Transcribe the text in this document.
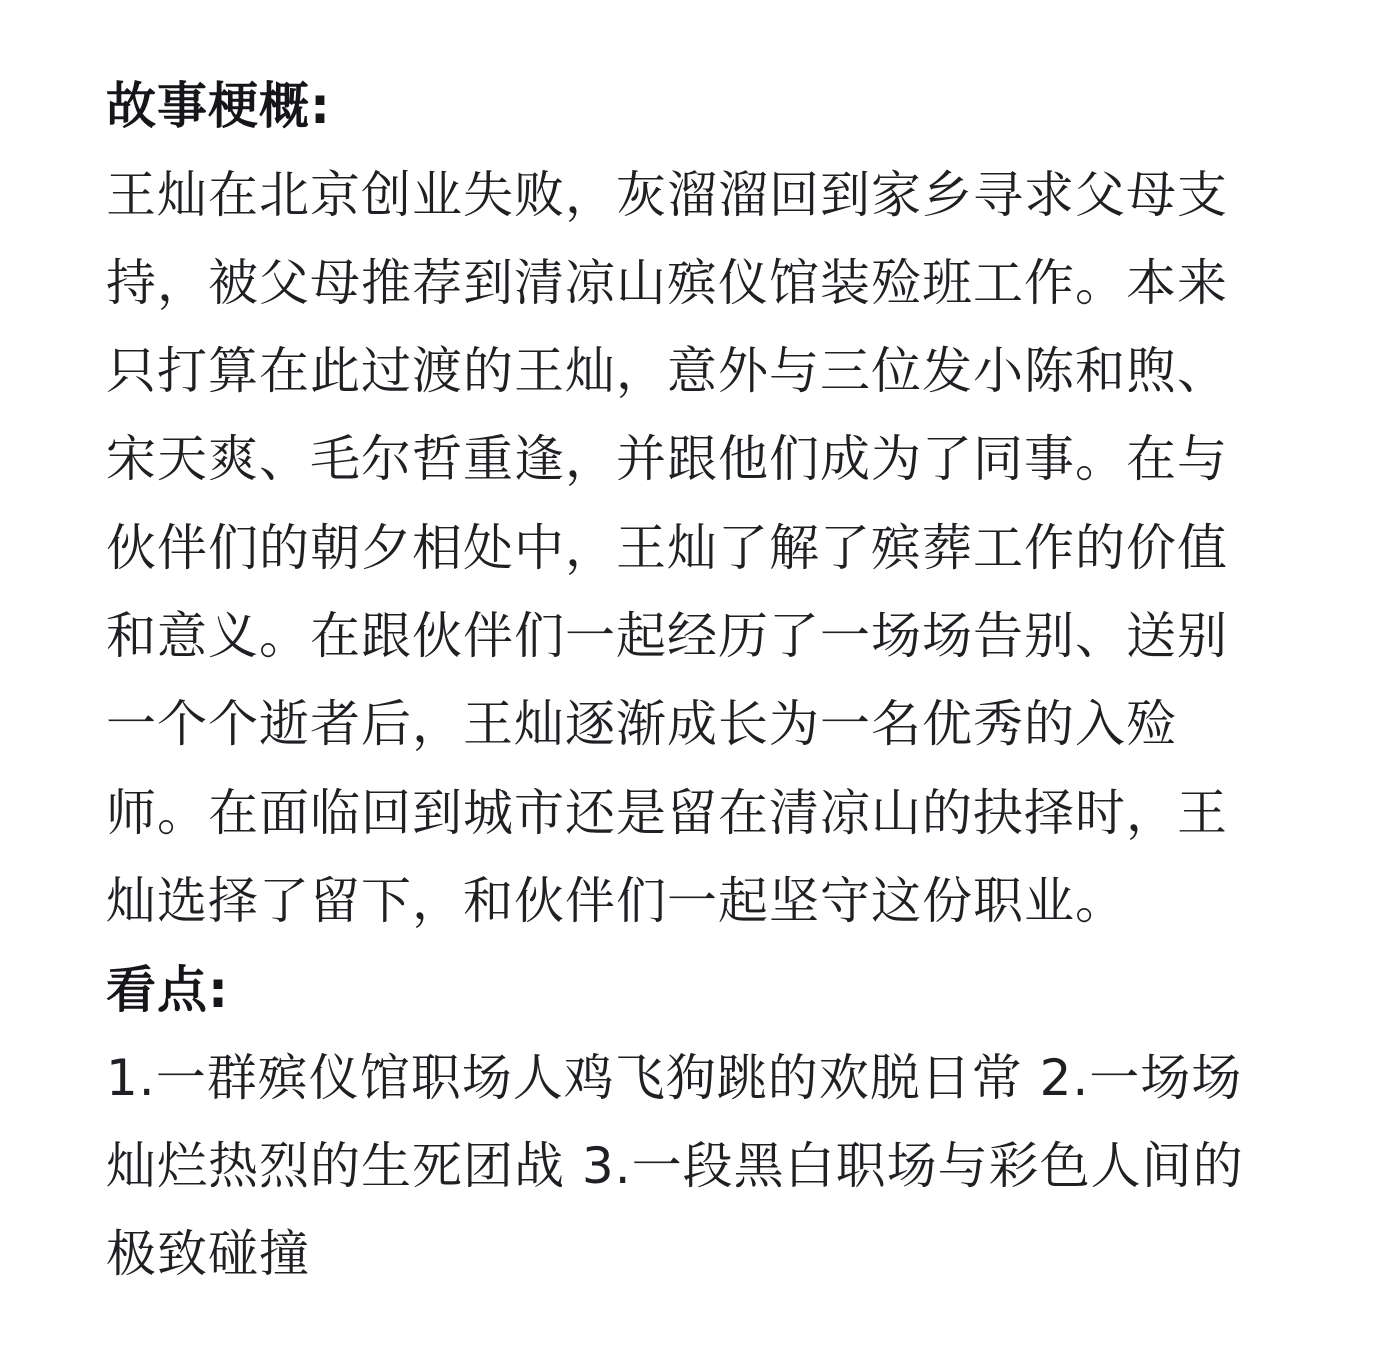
故事梗概:
王灿在北京创业失败，灰溜溜回到家乡寻求父母支
持，被父母推荐到清凉山殡仪馆装殓班工作。本来
只打算在此过渡的王灿，意外与三位发小陈和煦、
宋天爽、毛尔哲重逢，并跟他们成为了同事。在与
伙伴们的朝夕相处中，王灿了解了殡葬工作的价值
和意义。在跟伙伴们一起经历了一场场告别、送别
一个个逝者后，王灿逐渐成长为一名优秀的入殓
师。在面临回到城市还是留在清凉山的抉择时，王
灿选择了留下，和伙伴们一起坚守这份职业。
看点:
1.一群殡仪馆职场人鸡飞狗跳的欢脱日常 2.一场场
灿烂热烈的生死团战 3.一段黑白职场与彩色人间的
极致碰撞
